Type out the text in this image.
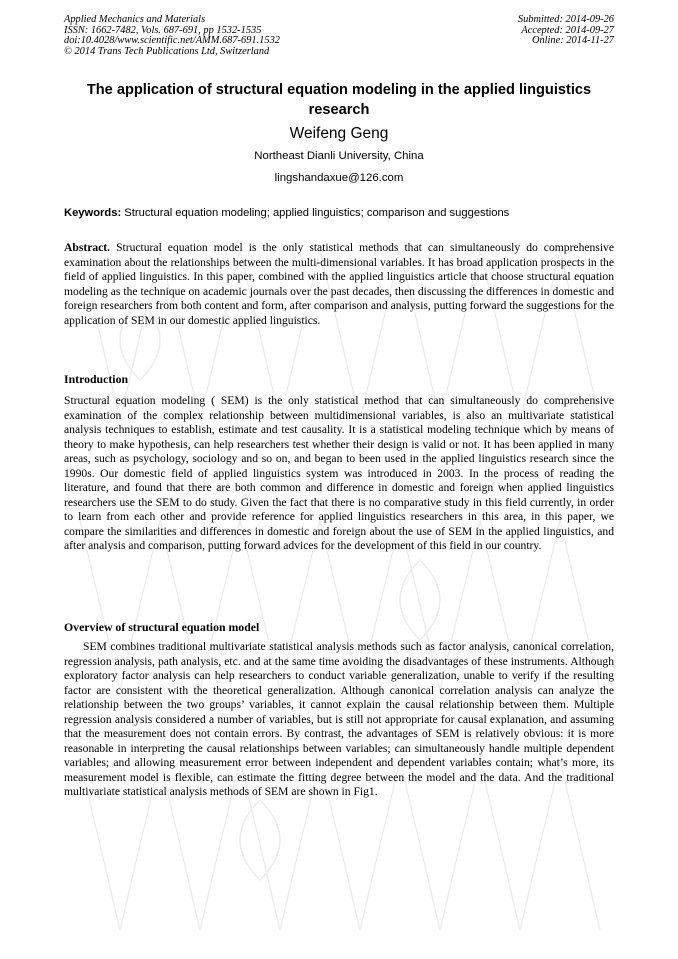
Applied Mechanics and Materials
ISSN: 1662-7482, Vols. 687-691, pp 1532-1535
doi:10.4028/www.scientific.net/AMM.687-691.1532
© 2014 Trans Tech Publications Ltd, Switzerland
Submitted: 2014-09-26
Accepted: 2014-09-27
Online: 2014-11-27
The application of structural equation modeling in the applied linguistics research
Weifeng Geng
Northeast Dianli University, China
lingshandaxue@126.com
Keywords: Structural equation modeling; applied linguistics; comparison and suggestions
Abstract. Structural equation model is the only statistical methods that can simultaneously do comprehensive examination about the relationships between the multi-dimensional variables. It has broad application prospects in the field of applied linguistics. In this paper, combined with the applied linguistics article that choose structural equation modeling as the technique on academic journals over the past decades, then discussing the differences in domestic and foreign researchers from both content and form, after comparison and analysis, putting forward the suggestions for the application of SEM in our domestic applied linguistics.
Introduction
Structural equation modeling ( SEM) is the only statistical method that can simultaneously do comprehensive examination of the complex relationship between multidimensional variables, is also an multivariate statistical analysis techniques to establish, estimate and test causality. It is a statistical modeling technique which by means of theory to make hypothesis, can help researchers test whether their design is valid or not. It has been applied in many areas, such as psychology, sociology and so on, and began to been used in the applied linguistics research since the 1990s. Our domestic field of applied linguistics system was introduced in 2003. In the process of reading the literature, and found that there are both common and difference in domestic and foreign when applied linguistics researchers use the SEM to do study. Given the fact that there is no comparative study in this field currently, in order to learn from each other and provide reference for applied linguistics researchers in this area, in this paper, we compare the similarities and differences in domestic and foreign about the use of SEM in the applied linguistics, and after analysis and comparison, putting forward advices for the development of this field in our country.
Overview of structural equation model
SEM combines traditional multivariate statistical analysis methods such as factor analysis, canonical correlation, regression analysis, path analysis, etc. and at the same time avoiding the disadvantages of these instruments. Although exploratory factor analysis can help researchers to conduct variable generalization, unable to verify if the resulting factor are consistent with the theoretical generalization. Although canonical correlation analysis can analyze the relationship between the two groups’ variables, it cannot explain the causal relationship between them. Multiple regression analysis considered a number of variables, but is still not appropriate for causal explanation, and assuming that the measurement does not contain errors. By contrast, the advantages of SEM is relatively obvious: it is more reasonable in interpreting the causal relationships between variables; can simultaneously handle multiple dependent variables; and allowing measurement error between independent and dependent variables contain; what’s more, its measurement model is flexible, can estimate the fitting degree between the model and the data. And the traditional multivariate statistical analysis methods of SEM are shown in Fig1.
